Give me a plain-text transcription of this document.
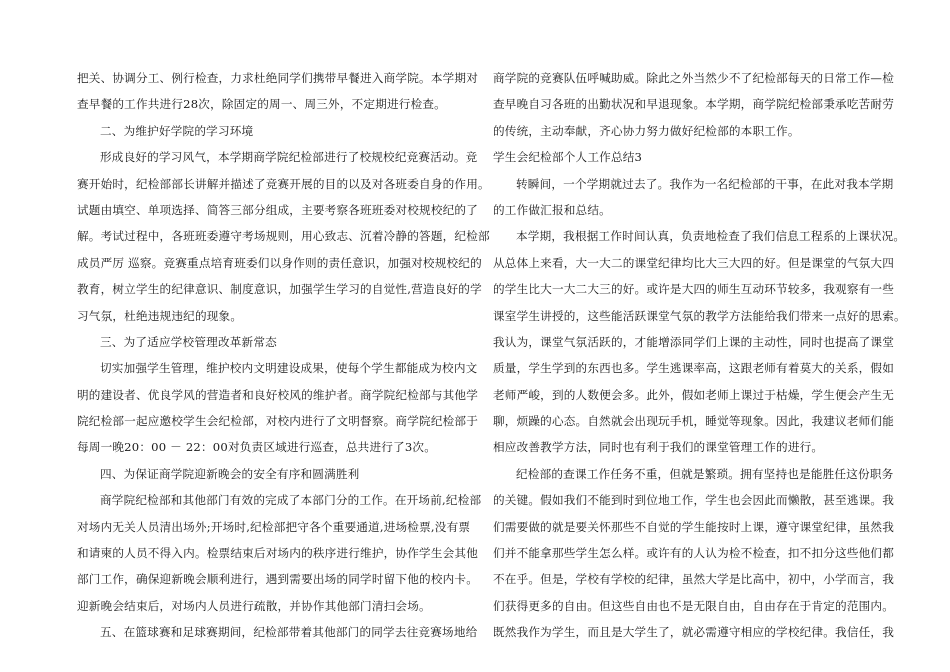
把关、协调分工、例行检查，力求杜绝同学们携带早餐进入商学院。本学期对
查早餐的工作共进行28次，除固定的周一、周三外，不定期进行检查。
二、为维护好学院的学习环境
形成良好的学习风气，本学期商学院纪检部进行了校规校纪竞赛活动。竞
赛开始时，纪检部部长讲解并描述了竞赛开展的目的以及对各班委自身的作用。
试题由填空、单项选择、简答三部分组成，主要考察各班班委对校规校纪的了
解。考试过程中，各班班委遵守考场规则，用心致志、沉着冷静的答题，纪检部
成员严厉 巡察。竞赛重点培育班委们以身作则的责任意识，加强对校规校纪的
教育，树立学生的纪律意识、制度意识，加强学生学习的自觉性,营造良好的学
习气氛，杜绝违规违纪的现象。
三、为了适应学校管理改革新常态
切实加强学生管理，维护校内文明建设成果，使每个学生都能成为校内文
明的建设者、优良学风的营造者和良好校风的维护者。商学院纪检部与其他学
院纪检部一起应邀校学生会纪检部，对校内进行了文明督察。商学院纪检部于
每周一晚20：00 － 22：00对负责区域进行巡查，总共进行了3次。
四、为保证商学院迎新晚会的安全有序和圆满胜利
商学院纪检部和其他部门有效的完成了本部门分的工作。在开场前,纪检部
对场内无关人员清出场外;开场时,纪检部把守各个重要通道,进场检票,没有票
和请柬的人员不得入内。检票结束后对场内的秩序进行维护，协作学生会其他
部门工作，确保迎新晚会顺利进行，遇到需要出场的同学时留下他的校内卡。
迎新晚会结束后，对场内人员进行疏散，并协作其他部门清扫会场。
五、在篮球赛和足球赛期间，纪检部带着其他部门的同学去往竞赛场地给
商学院的竞赛队伍呼喊助威。除此之外当然少不了纪检部每天的日常工作—检
查早晚自习各班的出勤状况和早退现象。本学期，商学院纪检部秉承吃苦耐劳
的传统，主动奉献，齐心协力努力做好纪检部的本职工作。
学生会纪检部个人工作总结3
转瞬间，一个学期就过去了。我作为一名纪检部的干事，在此对我本学期
的工作做汇报和总结。
本学期，我根据工作时间认真，负责地检查了我们信息工程系的上课状况。
从总体上来看，大一大二的课堂纪律均比大三大四的好。但是课堂的气氛大四
的学生比大一大二大三的好。或许是大四的师生互动环节较多，我观察有一些
课室学生讲授的，这些能活跃课堂气氛的教学方法能给我们带来一点好的思索。
我认为，课堂气氛活跃的，才能增添同学们上课的主动性，同时也提高了课堂
质量，学生学到的东西也多。学生逃课率高，这跟老师有着莫大的关系，假如
老师严峻，到的人数便会多。此外，假如老师上课过于枯燥，学生便会产生无
聊，烦躁的心态。自然就会出现玩手机，睡觉等现象。因此，我建议老师们能
相应改善教学方法，同时也有利于我们的课堂管理工作的进行。
纪检部的查课工作任务不重，但就是繁琐。拥有坚持也是能胜任这份职务
的关键。假如我们不能到时到位地工作，学生也会因此而懒散，甚至逃课。我
们需要做的就是要关怀那些不自觉的学生能按时上课，遵守课堂纪律，虽然我
们并不能拿那些学生怎么样。或许有的人认为检不检查，扣不扣分这些他们都
不在乎。但是，学校有学校的纪律，虽然大学是比高中，初中，小学而言，我
们获得更多的自由。但这些自由也不是无限自由，自由存在于肯定的范围内。
既然我作为学生，而且是大学生了，就必需遵守相应的学校纪律。我信任，我
